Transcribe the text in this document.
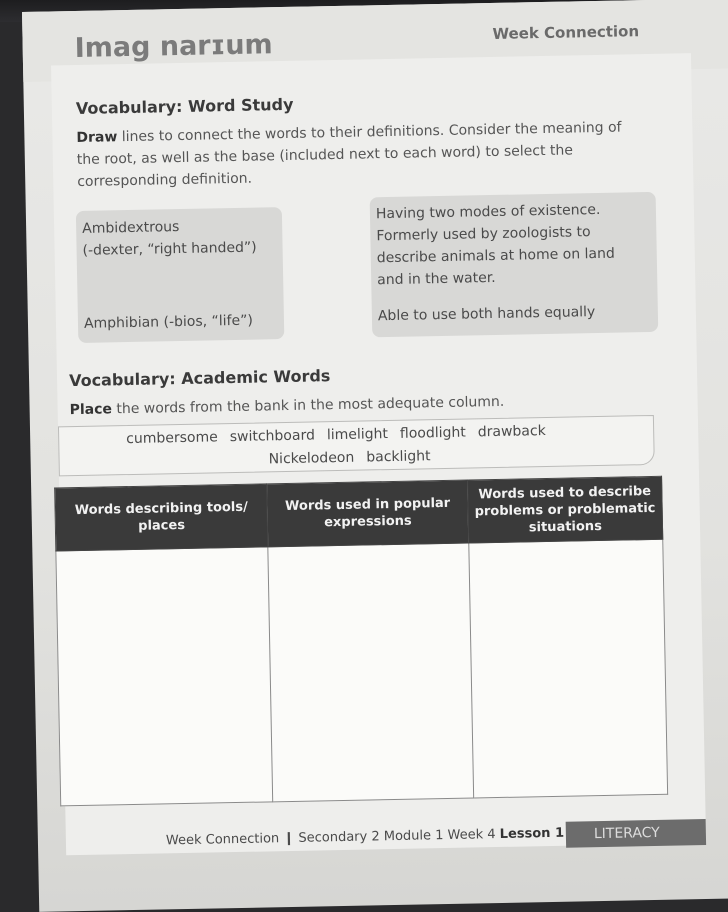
Imag narɪum	Week Connection
Vocabulary: Word Study
Draw lines to connect the words to their definitions. Consider the meaning of the root, as well as the base (included next to each word) to select the corresponding definition.
Ambidextrous
(-dexter, “right handed”)
Amphibian (-bios, “life”)
Having two modes of existence. Formerly used by zoologists to describe animals at home on land and in the water.
Able to use both hands equally
Vocabulary: Academic Words
Place the words from the bank in the most adequate column.
cumbersome switchboard limelight floodlight drawback
Nickelodeon backlight
Words describing tools/ places	Words used in popular expressions	Words used to describe problems or problematic situations

Week Connection ❙ Secondary 2 Module 1 Week 4 Lesson 1	LITERACY
